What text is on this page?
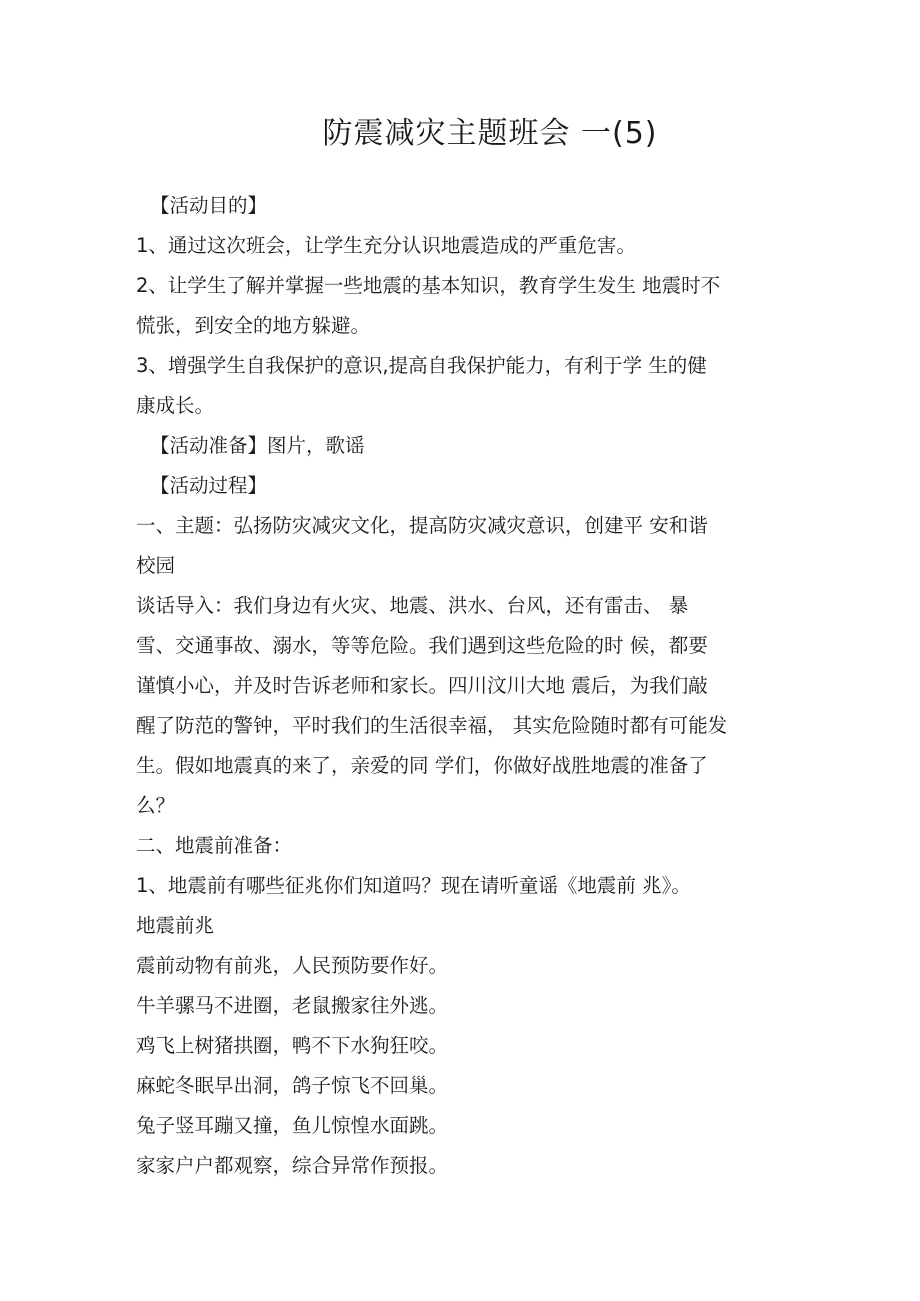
防震减灾主题班会 一(5)

【活动目的】

1、通过这次班会，让学生充分认识地震造成的严重危害。

2、让学生了解并掌握一些地震的基本知识，教育学生发生 地震时不

慌张，到安全的地方躲避。

3、增强学生自我保护的意识,提高自我保护能力，有利于学 生的健

康成长。

【活动准备】图片，歌谣

【活动过程】

一、主题：弘扬防灾减灾文化，提高防灾减灾意识，创建平 安和谐

校园

谈话导入：我们身边有火灾、地震、洪水、台风，还有雷击、 暴

雪、交通事故、溺水，等等危险。我们遇到这些危险的时 候，都要

谨慎小心，并及时告诉老师和家长。四川汶川大地 震后，为我们敲

醒了防范的警钟，平时我们的生活很幸福， 其实危险随时都有可能发

生。假如地震真的来了，亲爱的同 学们，你做好战胜地震的准备了

么？

二、地震前准备：

1、地震前有哪些征兆你们知道吗？现在请听童谣《地震前 兆》。

地震前兆

震前动物有前兆，人民预防要作好。

牛羊骡马不进圈，老鼠搬家往外逃。

鸡飞上树猪拱圈，鸭不下水狗狂咬。

麻蛇冬眠早出洞，鸽子惊飞不回巢。

兔子竖耳蹦又撞，鱼儿惊惶水面跳。

家家户户都观察，综合异常作预报。
